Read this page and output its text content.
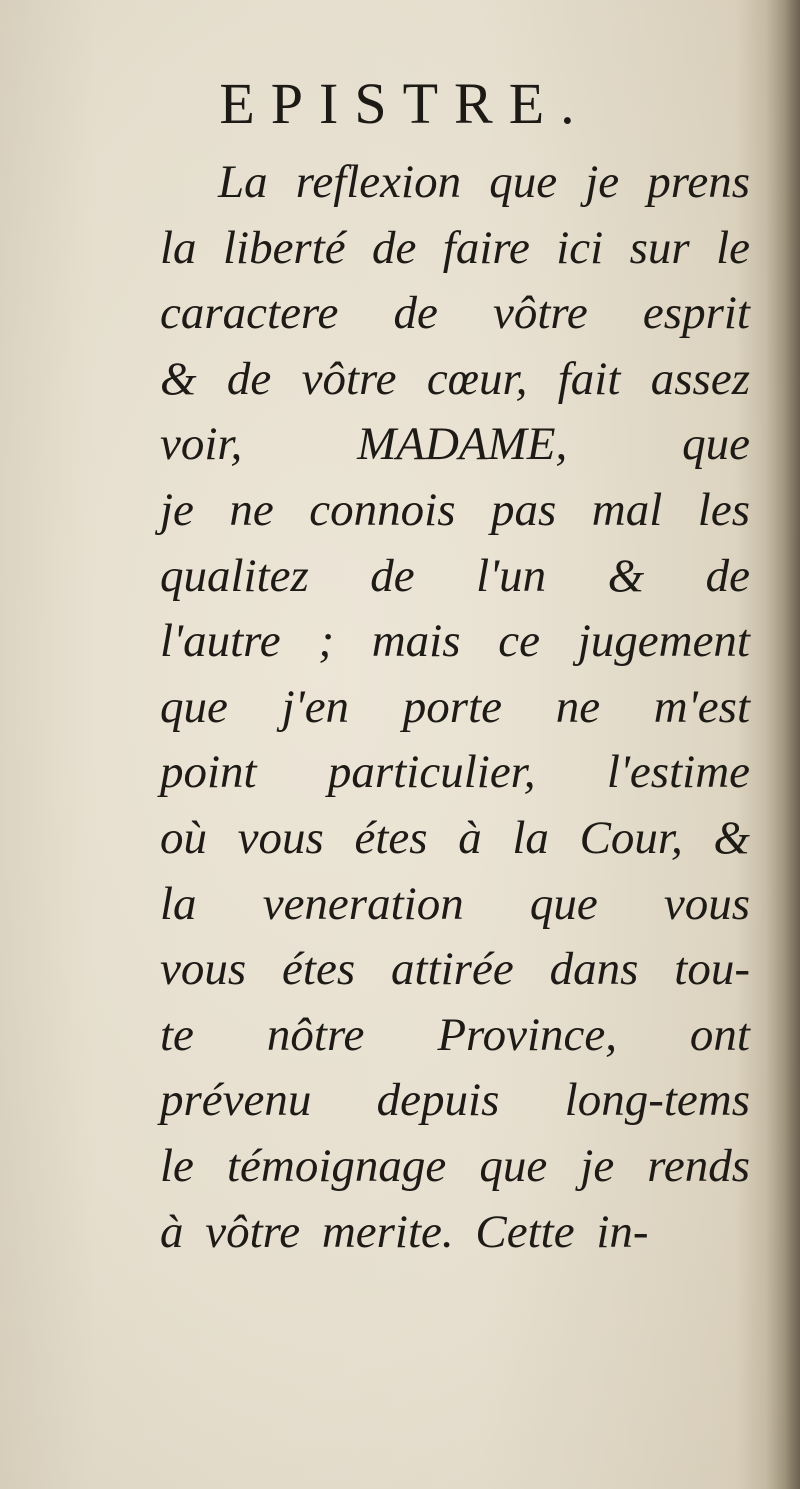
EPISTRE.
La reflexion que je prens
la liberté de faire ici sur le
caractere de vôtre esprit
& de vôtre cœur, fait assez
voir, MADAME, que
je ne connois pas mal les
qualitez de l'un & de
l'autre ; mais ce jugement
que j'en porte ne m'est
point particulier, l'estime
où vous étes à la Cour, &
la veneration que vous
vous étes attirée dans tou-
te nôtre Province, ont
prévenu depuis long-tems
le témoignage que je rends
à vôtre merite. Cette in-
